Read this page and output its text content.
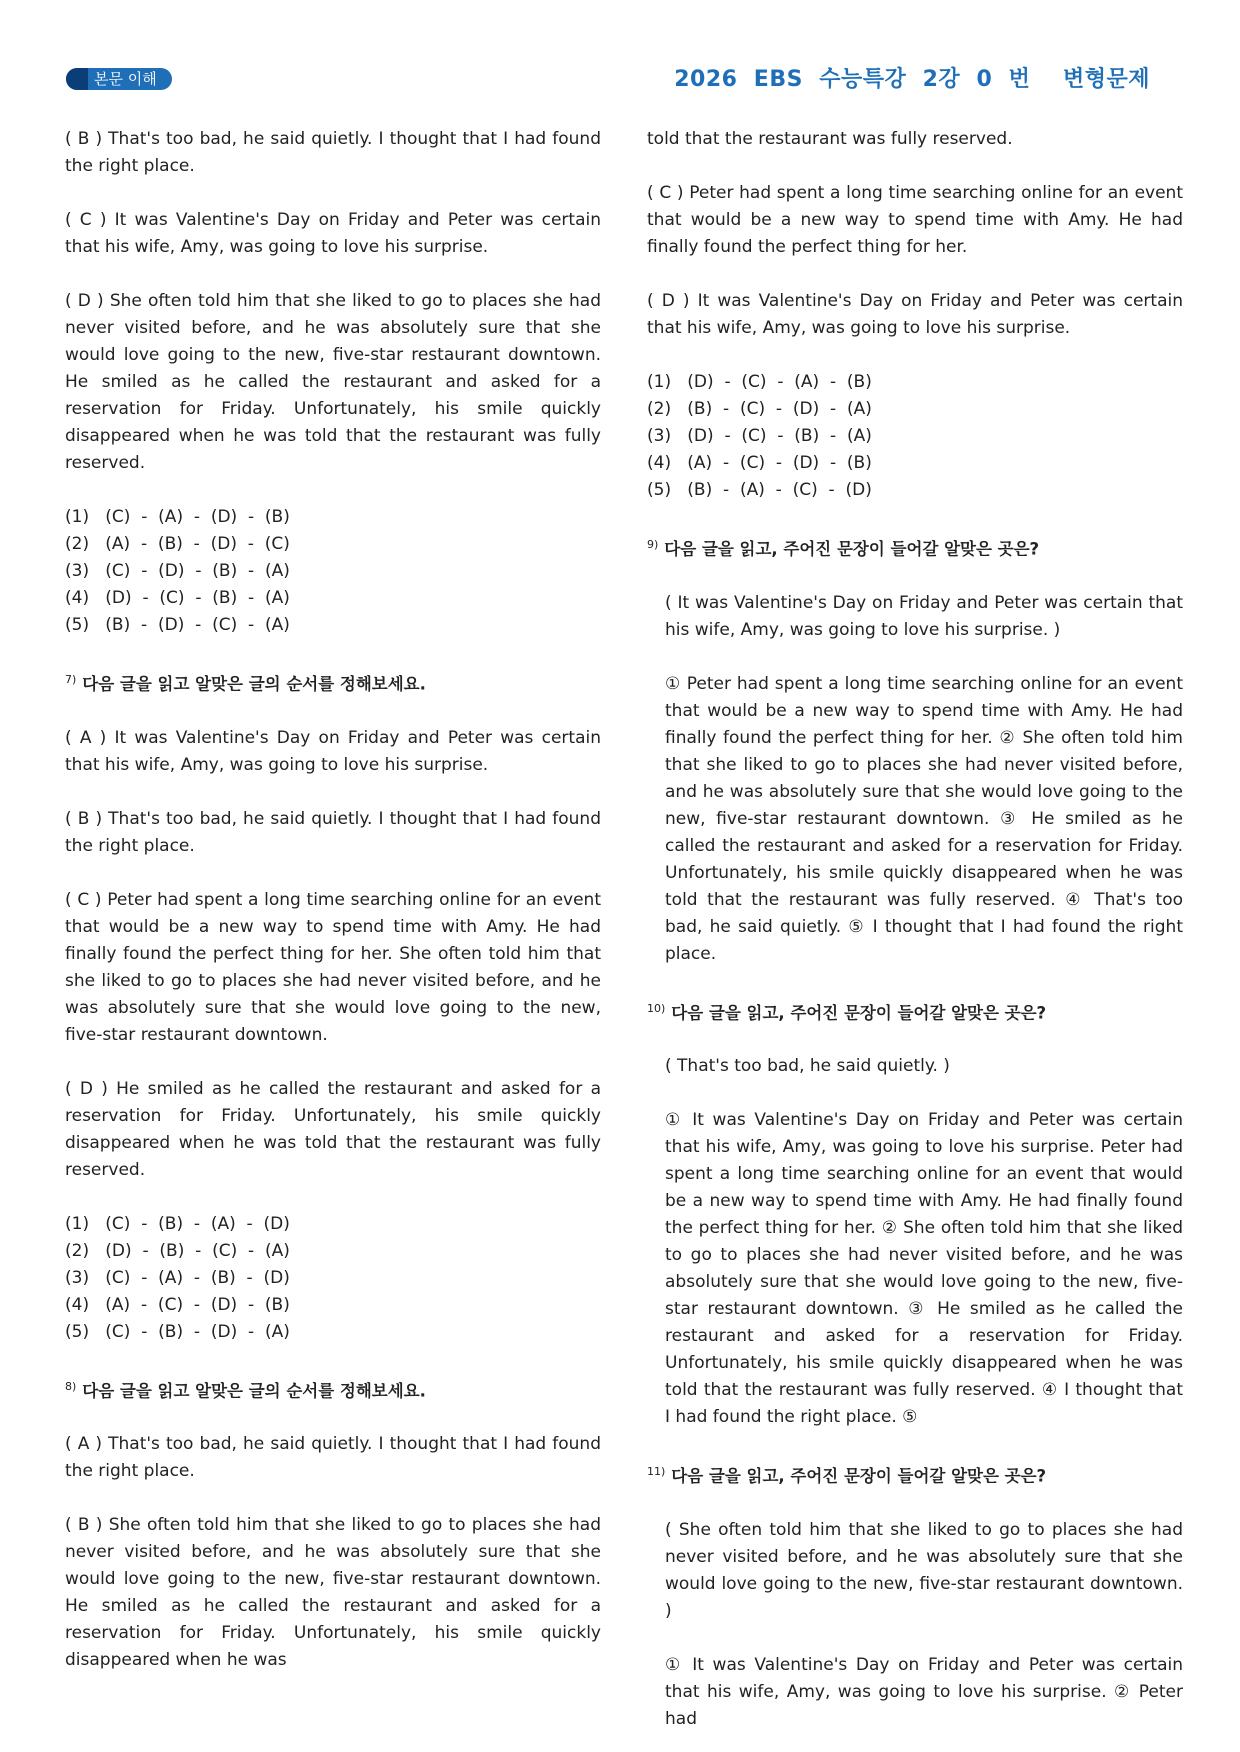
본문 이해	2026  EBS  수능특강  2강  0  번    변형문제

( B ) That's too bad, he said quietly. I thought that I had found the right place.

( C ) It was Valentine's Day on Friday and Peter was certain that his wife, Amy, was going to love his surprise.

( D ) She often told him that she liked to go to places she had never visited before, and he was absolutely sure that she would love going to the new, five-star restaurant downtown. He smiled as he called the restaurant and asked for a reservation for Friday. Unfortunately, his smile quickly disappeared when he was told that the restaurant was fully reserved.

(1)   (C)  -  (A)  -  (D)  -  (B)

(2)   (A)  -  (B)  -  (D)  -  (C)

(3)   (C)  -  (D)  -  (B)  -  (A)

(4)   (D)  -  (C)  -  (B)  -  (A)

(5)   (B)  -  (D)  -  (C)  -  (A)

$^{7)}$ 다음 글을 읽고 알맞은 글의 순서를 정해보세요.

( A ) It was Valentine's Day on Friday and Peter was certain that his wife, Amy, was going to love his surprise.

( B ) That's too bad, he said quietly. I thought that I had found the right place.

( C ) Peter had spent a long time searching online for an event that would be a new way to spend time with Amy. He had finally found the perfect thing for her. She often told him that she liked to go to places she had never visited before, and he was absolutely sure that she would love going to the new, five-star restaurant downtown.

( D ) He smiled as he called the restaurant and asked for a reservation for Friday. Unfortunately, his smile quickly disappeared when he was told that the restaurant was fully reserved.

(1)   (C)  -  (B)  -  (A)  -  (D)

(2)   (D)  -  (B)  -  (C)  -  (A)

(3)   (C)  -  (A)  -  (B)  -  (D)

(4)   (A)  -  (C)  -  (D)  -  (B)

(5)   (C)  -  (B)  -  (D)  -  (A)

$^{8)}$ 다음 글을 읽고 알맞은 글의 순서를 정해보세요.

( A ) That's too bad, he said quietly. I thought that I had found the right place.

( B ) She often told him that she liked to go to places she had never visited before, and he was absolutely sure that she would love going to the new, five-star restaurant downtown. He smiled as he called the restaurant and asked for a reservation for Friday. Unfortunately, his smile quickly disappeared when he was

told that the restaurant was fully reserved.

( C ) Peter had spent a long time searching online for an event that would be a new way to spend time with Amy. He had finally found the perfect thing for her.

( D ) It was Valentine's Day on Friday and Peter was certain that his wife, Amy, was going to love his surprise.

(1)   (D)  -  (C)  -  (A)  -  (B)

(2)   (B)  -  (C)  -  (D)  -  (A)

(3)   (D)  -  (C)  -  (B)  -  (A)

(4)   (A)  -  (C)  -  (D)  -  (B)

(5)   (B)  -  (A)  -  (C)  -  (D)

$^{9)}$ 다음 글을 읽고, 주어진 문장이 들어갈 알맞은 곳은?

( It was Valentine's Day on Friday and Peter was certain that his wife, Amy, was going to love his surprise. )

① Peter had spent a long time searching online for an event that would be a new way to spend time with Amy. He had finally found the perfect thing for her. ② She often told him that she liked to go to places she had never visited before, and he was absolutely sure that she would love going to the new, five-star restaurant downtown. ③ He smiled as he called the restaurant and asked for a reservation for Friday. Unfortunately, his smile quickly disappeared when he was told that the restaurant was fully reserved. ④ That's too bad, he said quietly. ⑤ I thought that I had found the right place.

$^{10)}$ 다음 글을 읽고, 주어진 문장이 들어갈 알맞은 곳은?

( That's too bad, he said quietly. )

① It was Valentine's Day on Friday and Peter was certain that his wife, Amy, was going to love his surprise. Peter had spent a long time searching online for an event that would be a new way to spend time with Amy. He had finally found the perfect thing for her. ② She often told him that she liked to go to places she had never visited before, and he was absolutely sure that she would love going to the new, five-star restaurant downtown. ③ He smiled as he called the restaurant and asked for a reservation for Friday. Unfortunately, his smile quickly disappeared when he was told that the restaurant was fully reserved. ④ I thought that I had found the right place. ⑤

$^{11)}$ 다음 글을 읽고, 주어진 문장이 들어갈 알맞은 곳은?

( She often told him that she liked to go to places she had never visited before, and he was absolutely sure that she would love going to the new, five-star restaurant downtown. )

① It was Valentine's Day on Friday and Peter was certain that his wife, Amy, was going to love his surprise. ② Peter had
